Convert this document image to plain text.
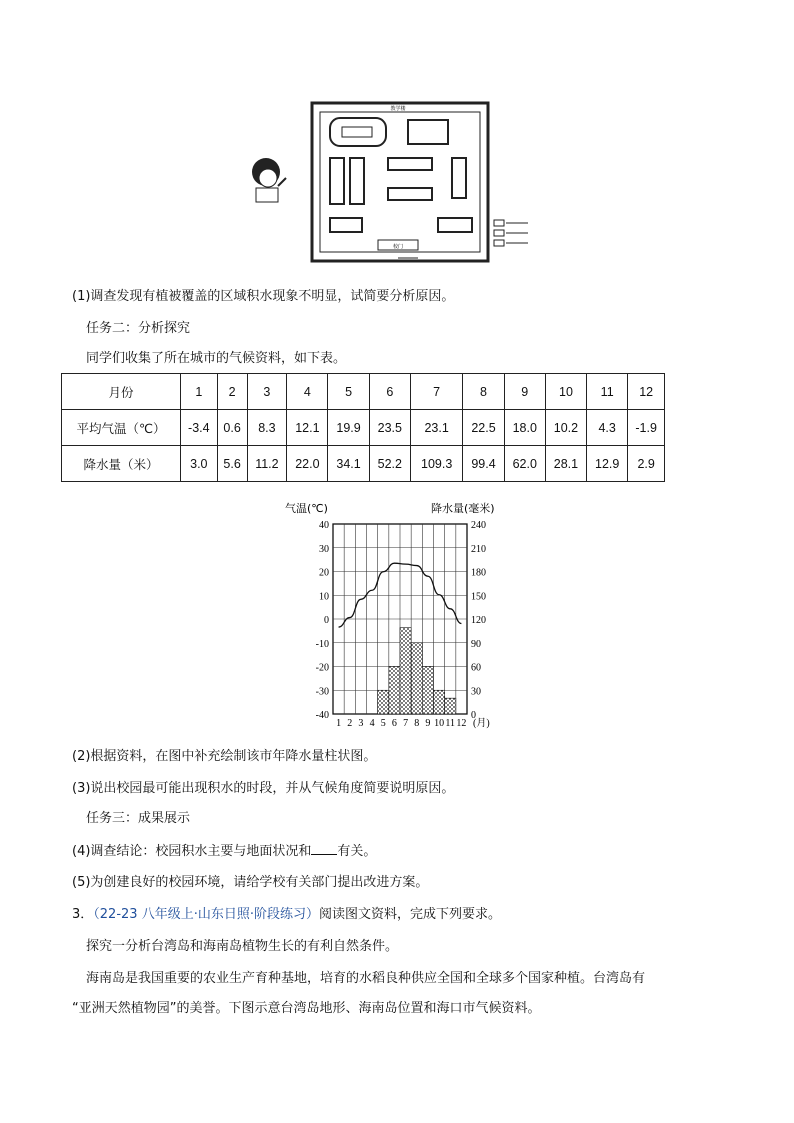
教学楼
校门
(1)调查发现有植被覆盖的区域积水现象不明显，试简要分析原因。
任务二：分析探究
同学们收集了所在城市的气候资料，如下表。
月份	1	2	3	4	5	6	7	8	9	10	11	12
平均气温（℃）	-3.4	0.6	8.3	12.1	19.9	23.5	23.1	22.5	18.0	10.2	4.3	-1.9
降水量（米）	3.0	5.6	11.2	22.0	34.1	52.2	109.3	99.4	62.0	28.1	12.9	2.9
气温(℃)	降水量(毫米)
40
30
20
10
0
-10
-20
-30
-40
240
210
180
150
120
90
60
30
0
1 2 3 4 5 6 7 8 9 10 11 12 (月)
(2)根据资料，在图中补充绘制该市年降水量柱状图。
(3)说出校园最可能出现积水的时段，并从气候角度简要说明原因。
任务三：成果展示
(4)调查结论：校园积水主要与地面状况和 有关。
(5)为创建良好的校园环境，请给学校有关部门提出改进方案。
3．（22-23 八年级上·山东日照·阶段练习）阅读图文资料，完成下列要求。
探究一分析台湾岛和海南岛植物生长的有利自然条件。
海南岛是我国重要的农业生产育种基地，培育的水稻良种供应全国和全球多个国家种植。台湾岛有
“亚洲天然植物园”的美誉。下图示意台湾岛地形、海南岛位置和海口市气候资料。
